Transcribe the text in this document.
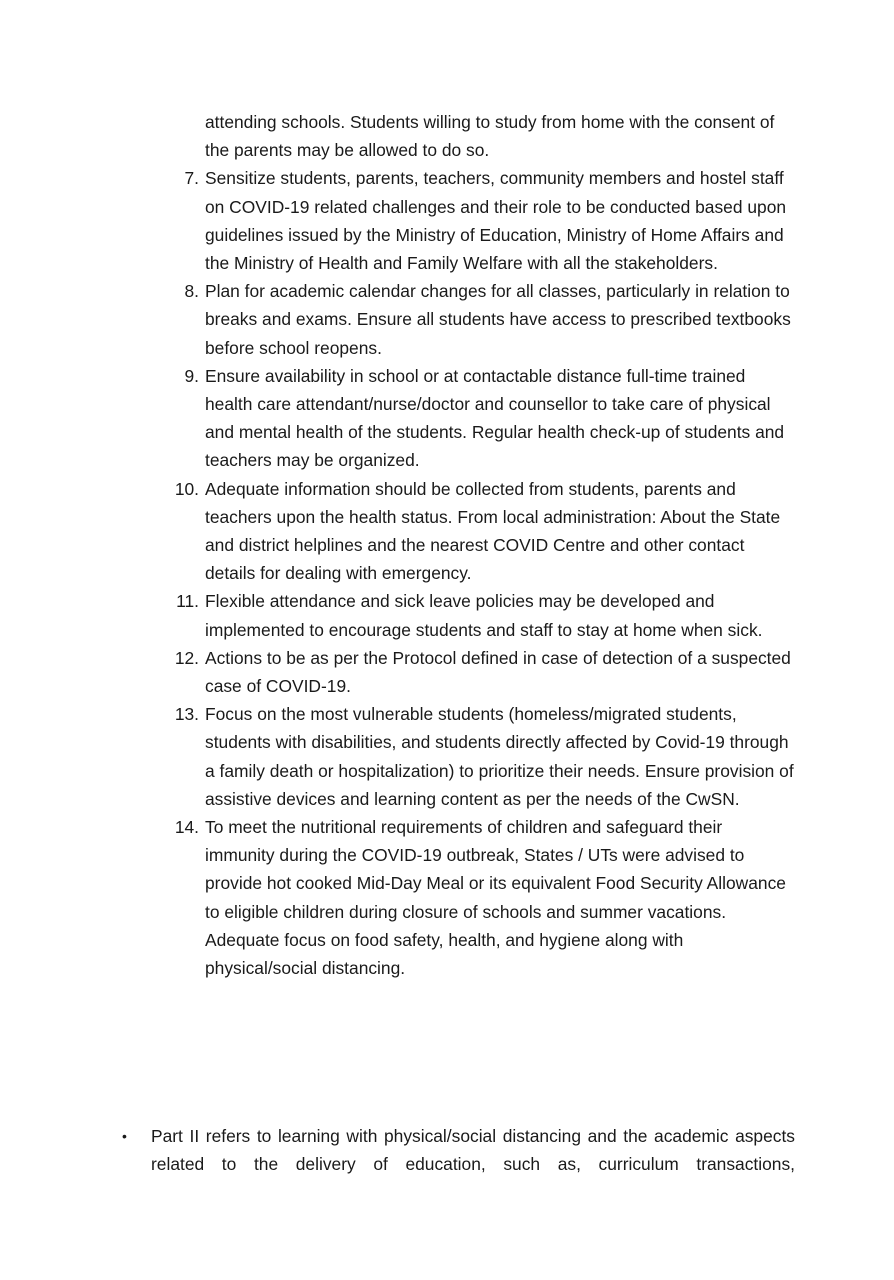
attending schools. Students willing to study from home with the consent of the parents may be allowed to do so.
7. Sensitize students, parents, teachers, community members and hostel staff on COVID-19 related challenges and their role to be conducted based upon guidelines issued by the Ministry of Education, Ministry of Home Affairs and the Ministry of Health and Family Welfare with all the stakeholders.
8. Plan for academic calendar changes for all classes, particularly in relation to breaks and exams. Ensure all students have access to prescribed textbooks before school reopens.
9. Ensure availability in school or at contactable distance full-time trained health care attendant/nurse/doctor and counsellor to take care of physical and mental health of the students. Regular health check-up of students and teachers may be organized.
10. Adequate information should be collected from students, parents and teachers upon the health status. From local administration: About the State and district helplines and the nearest COVID Centre and other contact details for dealing with emergency.
11. Flexible attendance and sick leave policies may be developed and implemented to encourage students and staff to stay at home when sick.
12. Actions to be as per the Protocol defined in case of detection of a suspected case of COVID-19.
13. Focus on the most vulnerable students (homeless/migrated students, students with disabilities, and students directly affected by Covid-19 through a family death or hospitalization) to prioritize their needs. Ensure provision of assistive devices and learning content as per the needs of the CwSN.
14. To meet the nutritional requirements of children and safeguard their immunity during the COVID-19 outbreak, States / UTs were advised to provide hot cooked Mid-Day Meal or its equivalent Food Security Allowance to eligible children during closure of schools and summer vacations. Adequate focus on food safety, health, and hygiene along with physical/social distancing.
• Part II refers to learning with physical/social distancing and the academic aspects related to the delivery of education, such as, curriculum transactions,
